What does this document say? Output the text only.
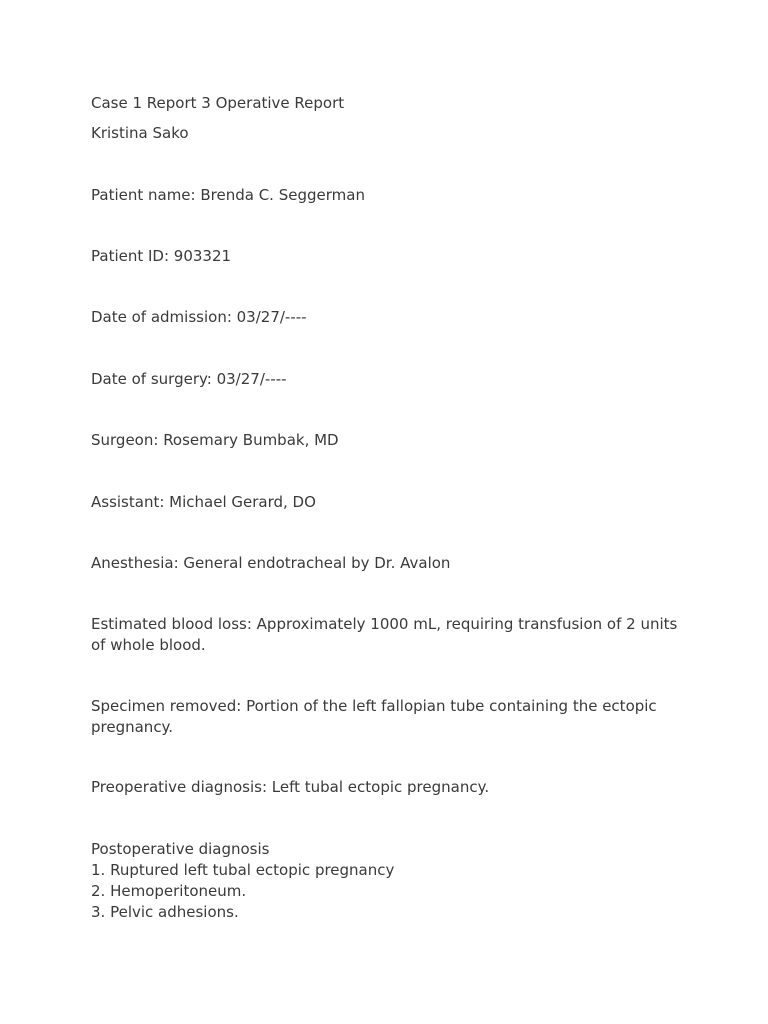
Case 1 Report 3 Operative Report

Kristina Sako

Patient name: Brenda C. Seggerman

Patient ID: 903321

Date of admission: 03/27/----

Date of surgery: 03/27/----

Surgeon: Rosemary Bumbak, MD

Assistant: Michael Gerard, DO

Anesthesia: General endotracheal by Dr. Avalon

Estimated blood loss: Approximately 1000 mL, requiring transfusion of 2 units of whole blood.

Specimen removed: Portion of the left fallopian tube containing the ectopic pregnancy.

Preoperative diagnosis: Left tubal ectopic pregnancy.

Postoperative diagnosis
1. Ruptured left tubal ectopic pregnancy
2. Hemoperitoneum.
3. Pelvic adhesions.
